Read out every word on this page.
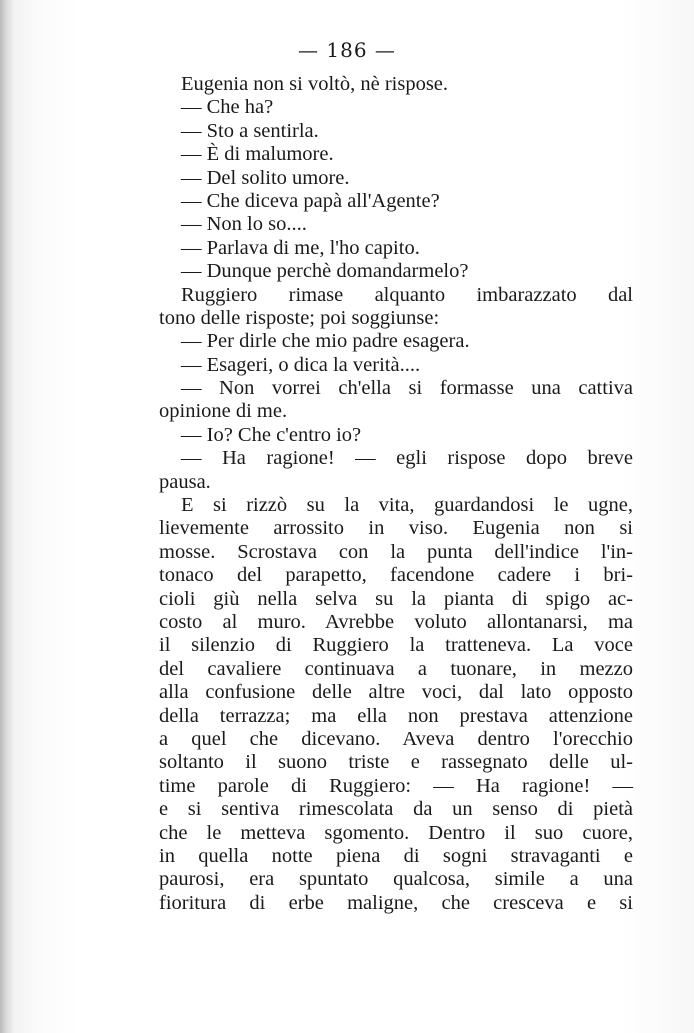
— 186 —
Eugenia non si voltò, nè rispose.
— Che ha?
— Sto a sentirla.
— È di malumore.
— Del solito umore.
— Che diceva papà all'Agente?
— Non lo so....
— Parlava di me, l'ho capito.
— Dunque perchè domandarmelo?
Ruggiero rimase alquanto imbarazzato dal
tono delle risposte; poi soggiunse:
— Per dirle che mio padre esagera.
— Esageri, o dica la verità....
— Non vorrei ch'ella si formasse una cattiva
opinione di me.
— Io? Che c'entro io?
— Ha ragione! — egli rispose dopo breve
pausa.
E si rizzò su la vita, guardandosi le ugne,
lievemente arrossito in viso. Eugenia non si
mosse. Scrostava con la punta dell'indice l'in-
tonaco del parapetto, facendone cadere i bri-
cioli giù nella selva su la pianta di spigo ac-
costo al muro. Avrebbe voluto allontanarsi, ma
il silenzio di Ruggiero la tratteneva. La voce
del cavaliere continuava a tuonare, in mezzo
alla confusione delle altre voci, dal lato opposto
della terrazza; ma ella non prestava attenzione
a quel che dicevano. Aveva dentro l'orecchio
soltanto il suono triste e rassegnato delle ul-
time parole di Ruggiero: — Ha ragione! —
e si sentiva rimescolata da un senso di pietà
che le metteva sgomento. Dentro il suo cuore,
in quella notte piena di sogni stravaganti e
paurosi, era spuntato qualcosa, simile a una
fioritura di erbe maligne, che cresceva e si
